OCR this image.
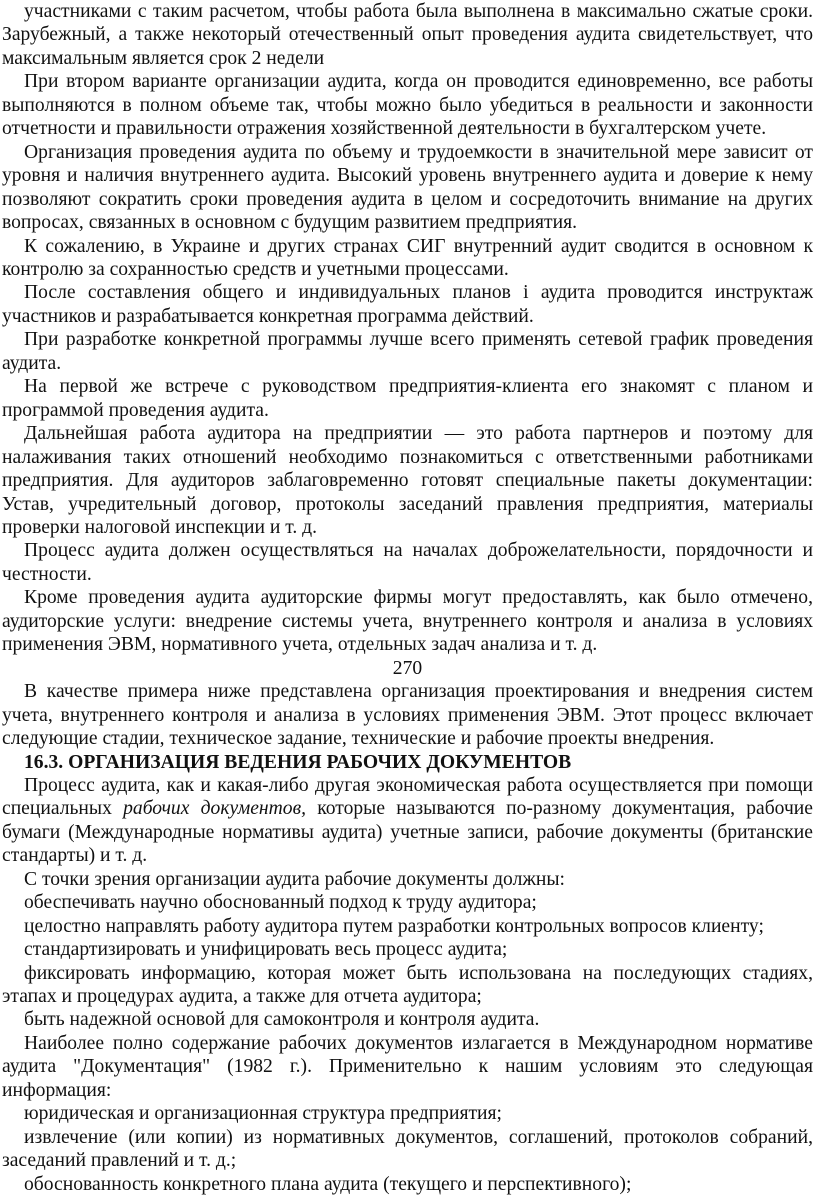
участниками с таким расчетом, чтобы работа была выполнена в максимально сжатые сроки. Зарубежный, а также некоторый отечественный опыт проведения аудита свидетельствует, что максимальным является срок 2 недели

При втором варианте организации аудита, когда он проводится единовременно, все работы выполняются в полном объеме так, чтобы можно было убедиться в реальности и законности отчетности и правильности отражения хозяйственной деятельности в бухгалтерском учете.

Организация проведения аудита по объему и трудоемкости в значительной мере зависит от уровня и наличия внутреннего аудита. Высокий уровень внутреннего аудита и доверие к нему позволяют сократить сроки проведения аудита в целом и сосредоточить внимание на других вопросах, связанных в основном с будущим развитием предприятия.

К сожалению, в Украине и других странах СИГ внутренний аудит сводится в основном к контролю за сохранностью средств и учетными процессами.

После составления общего и индивидуальных планов і аудита проводится инструктаж участников и разрабатывается конкретная программа действий.

При разработке конкретной программы лучше всего применять сетевой график проведения аудита.

На первой же встрече с руководством предприятия-клиента его знакомят с планом и программой проведения аудита.

Дальнейшая работа аудитора на предприятии — это работа партнеров и поэтому для налаживания таких отношений необходимо познакомиться с ответственными работниками предприятия. Для аудиторов заблаговременно готовят специальные пакеты документации: Устав, учредительный договор, протоколы заседаний правления предприятия, материалы проверки налоговой инспекции и т. д.

Процесс аудита должен осуществляться на началах доброжелательности, порядочности и честности.

Кроме проведения аудита аудиторские фирмы могут предоставлять, как было отмечено, аудиторские услуги: внедрение системы учета, внутреннего контроля и анализа в условиях применения ЭВМ, нормативного учета, отдельных задач анализа и т. д.

270

В качестве примера ниже представлена организация проектирования и внедрения систем учета, внутреннего контроля и анализа в условиях применения ЭВМ. Этот процесс включает следующие стадии, техническое задание, технические и рабочие проекты внедрения.

16.3. ОРГАНИЗАЦИЯ ВЕДЕНИЯ РАБОЧИХ ДОКУМЕНТОВ

Процесс аудита, как и какая-либо другая экономическая работа осуществляется при помощи специальных рабочих документов, которые называются по-разному документация, рабочие бумаги (Международные нормативы аудита) учетные записи, рабочие документы (британские стандарты) и т. д.

С точки зрения организации аудита рабочие документы должны:

обеспечивать научно обоснованный подход к труду аудитора;

целостно направлять работу аудитора путем разработки контрольных вопросов клиенту;

стандартизировать и унифицировать весь процесс аудита;

фиксировать информацию, которая может быть использована на последующих стадиях, этапах и процедурах аудита, а также для отчета аудитора;

быть надежной основой для самоконтроля и контроля аудита.

Наиболее полно содержание рабочих документов излагается в Международном нормативе аудита "Документация" (1982 г.). Применительно к нашим условиям это следующая информация:

юридическая и организационная структура предприятия;

извлечение (или копии) из нормативных документов, соглашений, протоколов собраний, заседаний правлений и т. д.;

обоснованность конкретного плана аудита (текущего и перспективного);
